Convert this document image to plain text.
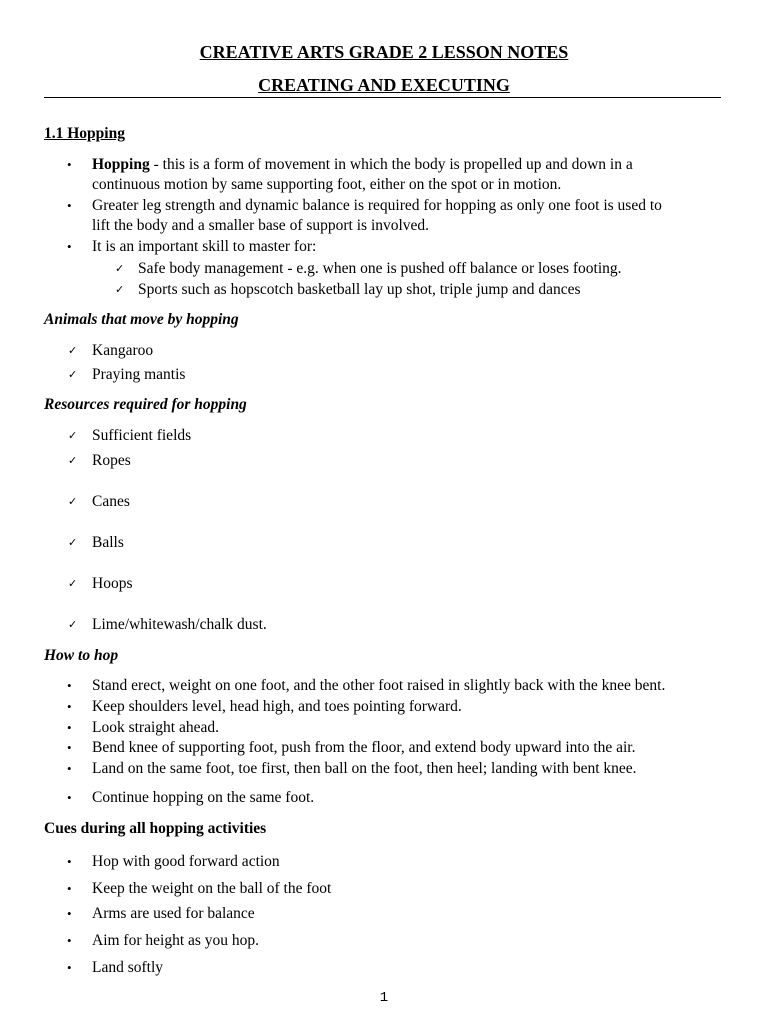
CREATIVE ARTS GRADE 2 LESSON NOTES
CREATING AND EXECUTING
1.1 Hopping
• Hopping - this is a form of movement in which the body is propelled up and down in a
continuous motion by same supporting foot, either on the spot or in motion.
• Greater leg strength and dynamic balance is required for hopping as only one foot is used to
lift the body and a smaller base of support is involved.
• It is an important skill to master for:
✓ Safe body management - e.g. when one is pushed off balance or loses footing.
✓ Sports such as hopscotch basketball lay up shot, triple jump and dances
Animals that move by hopping
✓ Kangaroo
✓ Praying mantis
Resources required for hopping
✓ Sufficient fields
✓ Ropes
✓ Canes
✓ Balls
✓ Hoops
✓ Lime/whitewash/chalk dust.
How to hop
• Stand erect, weight on one foot, and the other foot raised in slightly back with the knee bent.
• Keep shoulders level, head high, and toes pointing forward.
• Look straight ahead.
• Bend knee of supporting foot, push from the floor, and extend body upward into the air.
• Land on the same foot, toe first, then ball on the foot, then heel; landing with bent knee.
• Continue hopping on the same foot.
Cues during all hopping activities
• Hop with good forward action
• Keep the weight on the ball of the foot
• Arms are used for balance
• Aim for height as you hop.
• Land softly
1
